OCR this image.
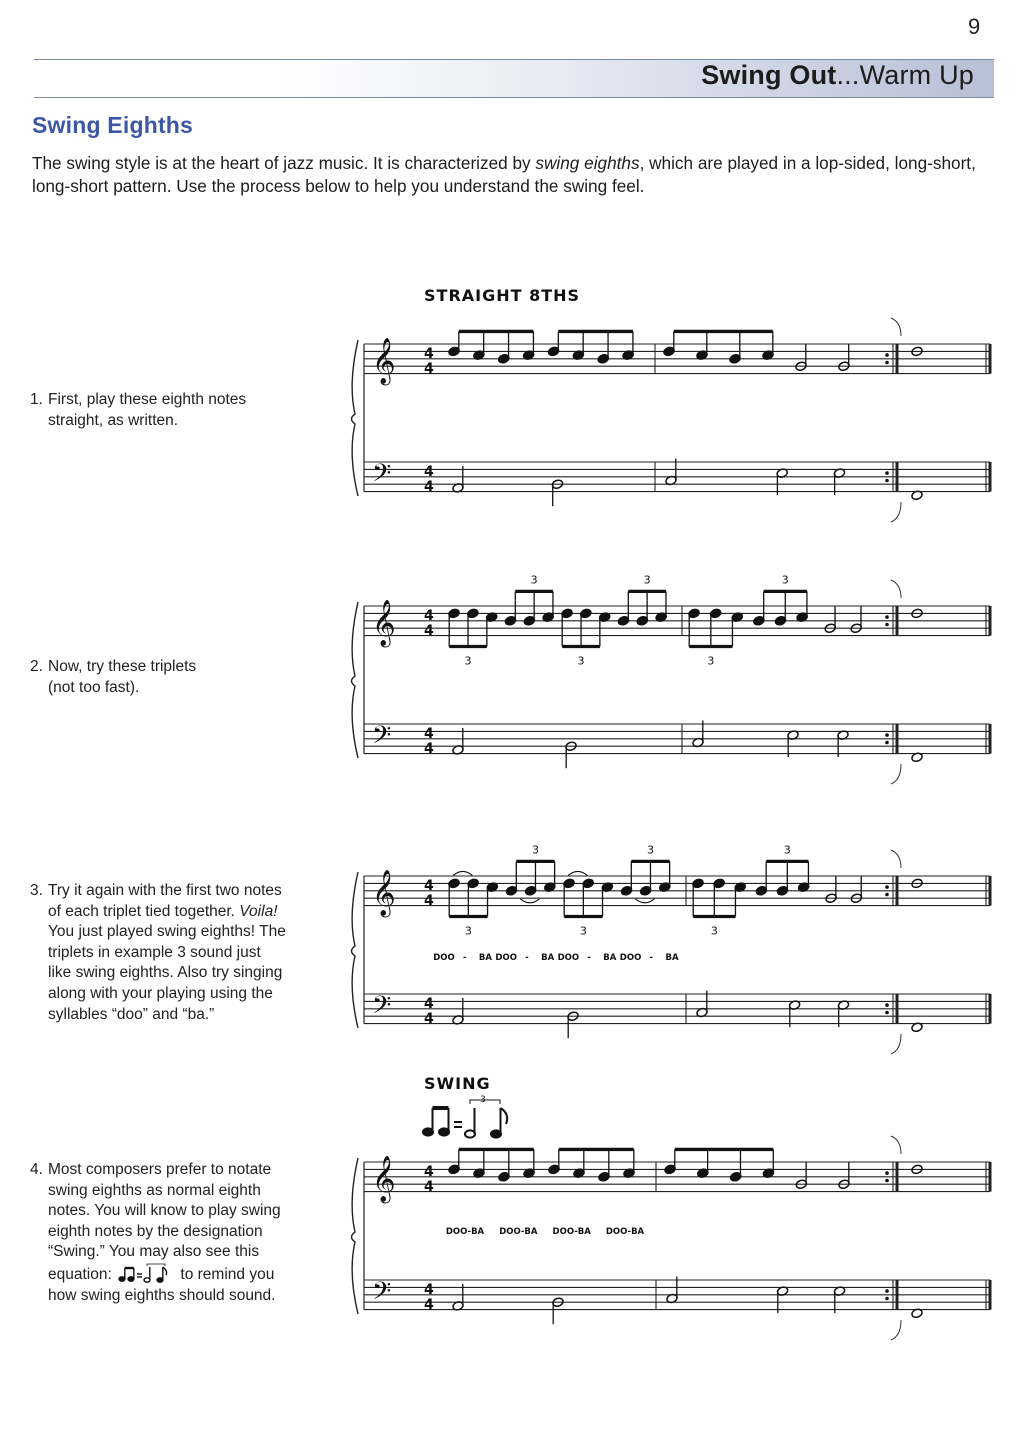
9
Swing Out...Warm Up
Swing Eighths
The swing style is at the heart of jazz music. It is characterized by swing eighths, which are played in a lop-sided, long-short, long-short pattern. Use the process below to help you understand the swing feel.
1. First, play these eighth notes
straight, as written.
2. Now, try these triplets
(not too fast).
3. Try it again with the first two notes
of each triplet tied together. Voila!
You just played swing eighths! The
triplets in example 3 sound just
like swing eighths. Also try singing
along with your playing using the
syllables “doo” and “ba.”
4. Most composers prefer to notate
swing eighths as normal eighth
notes. You will know to play swing
eighth notes by the designation
“Swing.” You may also see this
equation:	to remind you
how swing eighths should sound.
STRAIGHT 8THS
SWING
3
𝄞
𝄢
4
4
4
4
𝄞
𝄢
4
4
4
4
3
3
3
3
3
3
𝄞
𝄢
4
4
4
4
3
3
3
3
3
3
𝄞
𝄢
4
4
4
4
DOO - BA DOO - BA DOO - BA DOO - BA
DOO-BA DOO-BA DOO-BA DOO-BA
